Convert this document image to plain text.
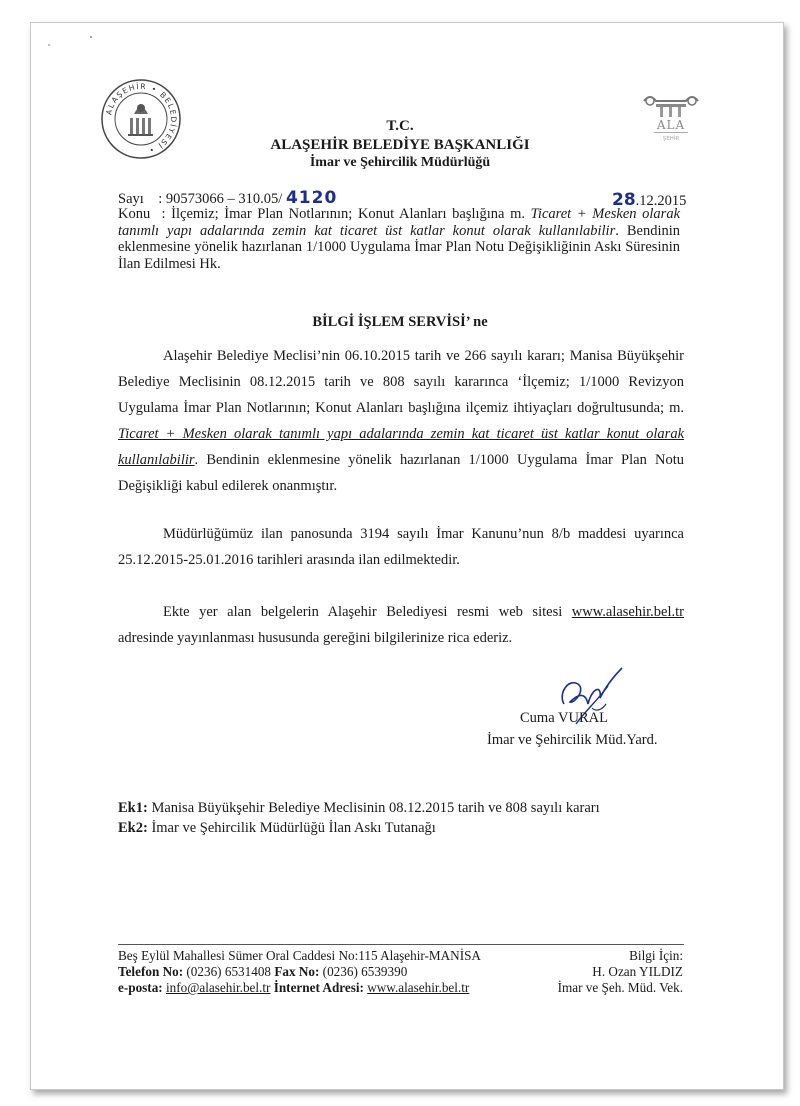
ALAŞEHİR • BELEDİYESİ •
ALA
ŞEHİR
T.C.
ALAŞEHİR BELEDİYE BAŞKANLIĞI
İmar ve Şehircilik Müdürlüğü
Sayı : 90573066 – 310.05/ 4120	28.12.2015
Konu : İlçemiz; İmar Plan Notlarının; Konut Alanları başlığına m. Ticaret + Mesken olarak tanımlı yapı adalarında zemin kat ticaret üst katlar konut olarak kullanılabilir. Bendinin eklenmesine yönelik hazırlanan 1/1000 Uygulama İmar Plan Notu Değişikliğinin Askı Süresinin İlan Edilmesi Hk.
BİLGİ İŞLEM SERVİSİ’ ne
Alaşehir Belediye Meclisi’nin 06.10.2015 tarih ve 266 sayılı kararı; Manisa Büyükşehir Belediye Meclisinin 08.12.2015 tarih ve 808 sayılı kararınca ‘İlçemiz; 1/1000 Revizyon Uygulama İmar Plan Notlarının; Konut Alanları başlığına ilçemiz ihtiyaçları doğrultusunda; m. Ticaret + Mesken olarak tanımlı yapı adalarında zemin kat ticaret üst katlar konut olarak kullanılabilir. Bendinin eklenmesine yönelik hazırlanan 1/1000 Uygulama İmar Plan Notu Değişikliği kabul edilerek onanmıştır.
Müdürlüğümüz ilan panosunda 3194 sayılı İmar Kanunu’nun 8/b maddesi uyarınca 25.12.2015-25.01.2016 tarihleri arasında ilan edilmektedir.
Ekte yer alan belgelerin Alaşehir Belediyesi resmi web sitesi www.alasehir.bel.tr adresinde yayınlanması hususunda gereğini bilgilerinize rica ederiz.
Cuma VURAL
İmar ve Şehircilik Müd.Yard.
Ek1: Manisa Büyükşehir Belediye Meclisinin 08.12.2015 tarih ve 808 sayılı kararı
Ek2: İmar ve Şehircilik Müdürlüğü İlan Askı Tutanağı
Beş Eylül Mahallesi Sümer Oral Caddesi No:115 Alaşehir-MANİSA
Telefon No: (0236) 6531408 Fax No: (0236) 6539390
e-posta: info@alasehir.bel.tr İnternet Adresi: www.alasehir.bel.tr
Bilgi İçin:
H. Ozan YILDIZ
İmar ve Şeh. Müd. Vek.
